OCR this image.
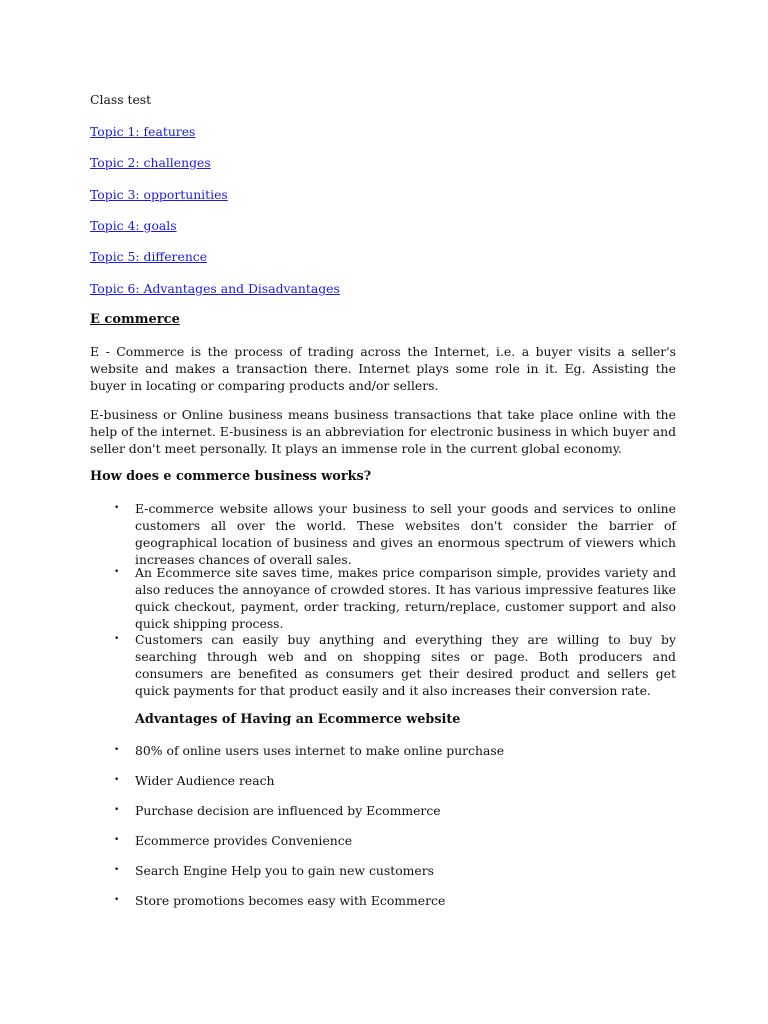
Class test
Topic 1: features
Topic 2: challenges
Topic 3: opportunities
Topic 4: goals
Topic 5: difference
Topic 6: Advantages and Disadvantages
E commerce
E - Commerce is the process of trading across the Internet, i.e. a buyer visits a seller's website and makes a transaction there. Internet plays some role in it. Eg. Assisting the buyer in locating or comparing products and/or sellers.
E-business or Online business means business transactions that take place online with the help of the internet. E-business is an abbreviation for electronic business in which buyer and seller don't meet personally. It plays an immense role in the current global economy.
How does e commerce business works?
• E-commerce website allows your business to sell your goods and services to online customers all over the world. These websites don't consider the barrier of geographical location of business and gives an enormous spectrum of viewers which increases chances of overall sales.
• An Ecommerce site saves time, makes price comparison simple, provides variety and also reduces the annoyance of crowded stores. It has various impressive features like quick checkout, payment, order tracking, return/replace, customer support and also quick shipping process.
• Customers can easily buy anything and everything they are willing to buy by searching through web and on shopping sites or page. Both producers and consumers are benefited as consumers get their desired product and sellers get quick payments for that product easily and it also increases their conversion rate.
Advantages of Having an Ecommerce website
• 80% of online users uses internet to make online purchase
• Wider Audience reach
• Purchase decision are influenced by Ecommerce
• Ecommerce provides Convenience
• Search Engine Help you to gain new customers
• Store promotions becomes easy with Ecommerce
